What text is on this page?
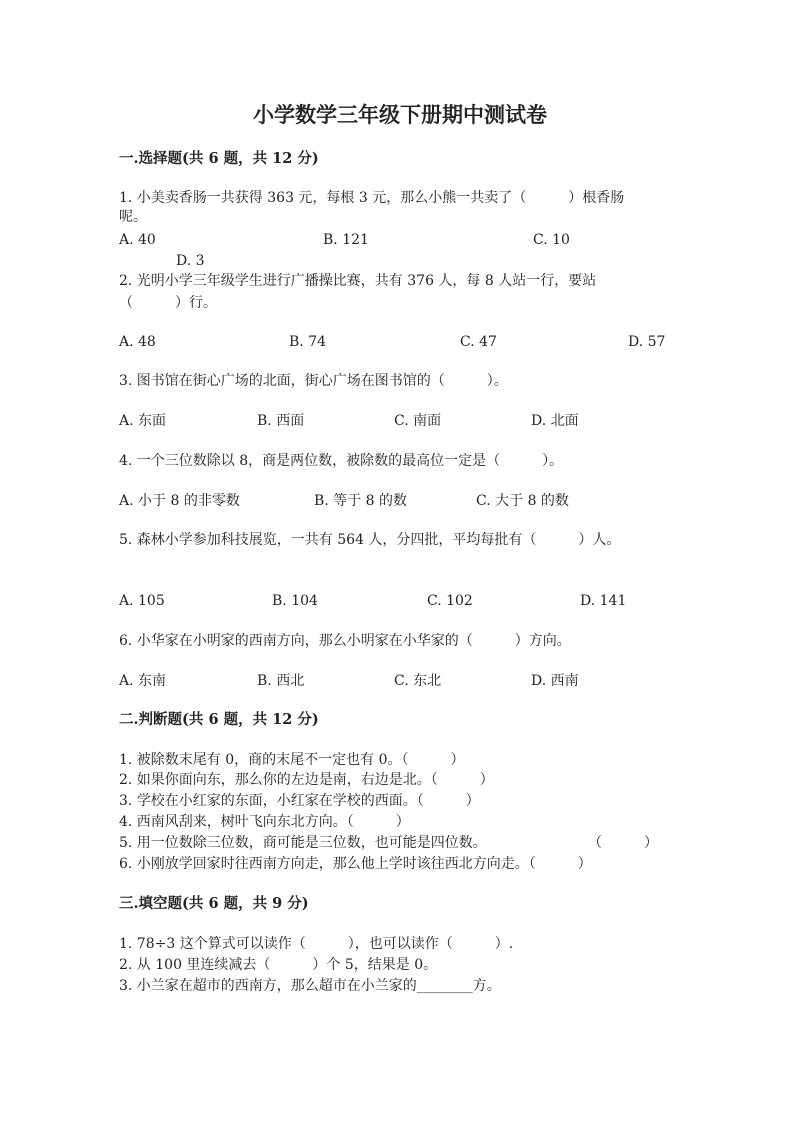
小学数学三年级下册期中测试卷
一.选择题(共 6 题，共 12 分)
1. 小美卖香肠一共获得 363 元，每根 3 元，那么小熊一共卖了（　　　）根香肠
呢。
A. 40	B. 121	C. 10
D. 3
2. 光明小学三年级学生进行广播操比赛，共有 376 人，每 8 人站一行，要站
（　　　）行。
A. 48	B. 74	C. 47	D. 57
3. 图书馆在街心广场的北面，街心广场在图书馆的（　　　）。
A. 东面	B. 西面	C. 南面	D. 北面
4. 一个三位数除以 8，商是两位数，被除数的最高位一定是（　　　）。
A. 小于 8 的非零数	B. 等于 8 的数	C. 大于 8 的数
5. 森林小学参加科技展览，一共有 564 人，分四批，平均每批有（　　　）人。
A. 105	B. 104	C. 102	D. 141
6. 小华家在小明家的西南方向，那么小明家在小华家的（　　　）方向。
A. 东南	B. 西北	C. 东北	D. 西南
二.判断题(共 6 题，共 12 分)
1. 被除数末尾有 0，商的末尾不一定也有 0。（　　　）
2. 如果你面向东，那么你的左边是南，右边是北。（　　　）
3. 学校在小红家的东面，小红家在学校的西面。（　　　）
4. 西南风刮来，树叶飞向东北方向。（　　　）
5. 用一位数除三位数，商可能是三位数，也可能是四位数。	（　　　）
6. 小刚放学回家时往西南方向走，那么他上学时该往西北方向走。（　　　）
三.填空题(共 6 题，共 9 分)
1. 78÷3 这个算式可以读作（　　　），也可以读作（　　　）.
2. 从 100 里连续减去（　　　）个 5，结果是 0。
3. 小兰家在超市的西南方，那么超市在小兰家的________方。
